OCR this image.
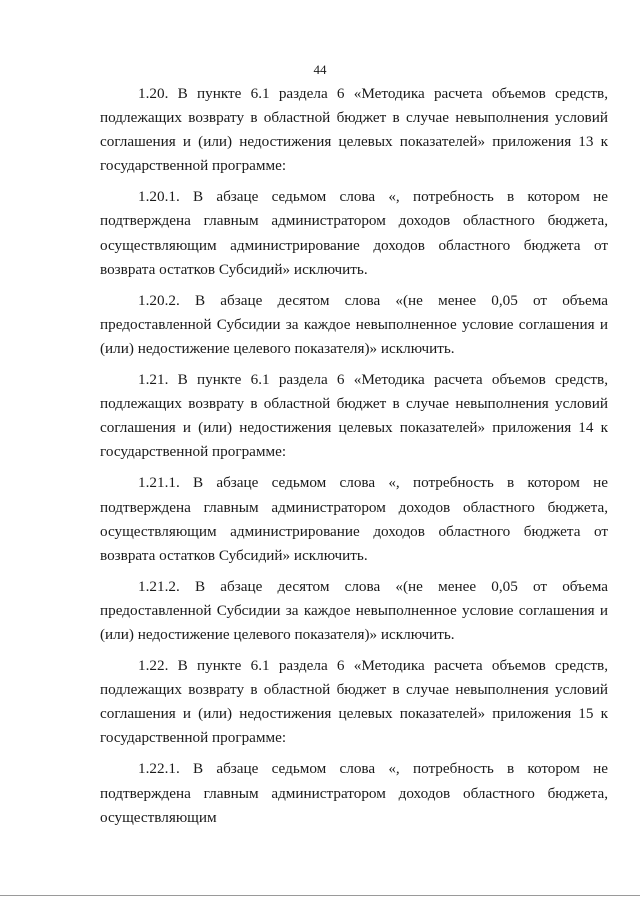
44

1.20. В пункте 6.1 раздела 6 «Методика расчета объемов средств, подлежащих возврату в областной бюджет в случае невыполнения условий соглашения и (или) недостижения целевых показателей» приложения 13 к государственной программе:

1.20.1. В абзаце седьмом слова «, потребность в котором не подтверждена главным администратором доходов областного бюджета, осуществляющим администрирование доходов областного бюджета от возврата остатков Субсидий» исключить.

1.20.2. В абзаце десятом слова «(не менее 0,05 от объема предоставленной Субсидии за каждое невыполненное условие соглашения и (или) недостижение целевого показателя)» исключить.

1.21. В пункте 6.1 раздела 6 «Методика расчета объемов средств, подлежащих возврату в областной бюджет в случае невыполнения условий соглашения и (или) недостижения целевых показателей» приложения 14 к государственной программе:

1.21.1. В абзаце седьмом слова «, потребность в котором не подтверждена главным администратором доходов областного бюджета, осуществляющим администрирование доходов областного бюджета от возврата остатков Субсидий» исключить.

1.21.2. В абзаце десятом слова «(не менее 0,05 от объема предоставленной Субсидии за каждое невыполненное условие соглашения и (или) недостижение целевого показателя)» исключить.

1.22. В пункте 6.1 раздела 6 «Методика расчета объемов средств, подлежащих возврату в областной бюджет в случае невыполнения условий соглашения и (или) недостижения целевых показателей» приложения 15 к государственной программе:

1.22.1. В абзаце седьмом слова «, потребность в котором не подтверждена главным администратором доходов областного бюджета, осуществляющим
